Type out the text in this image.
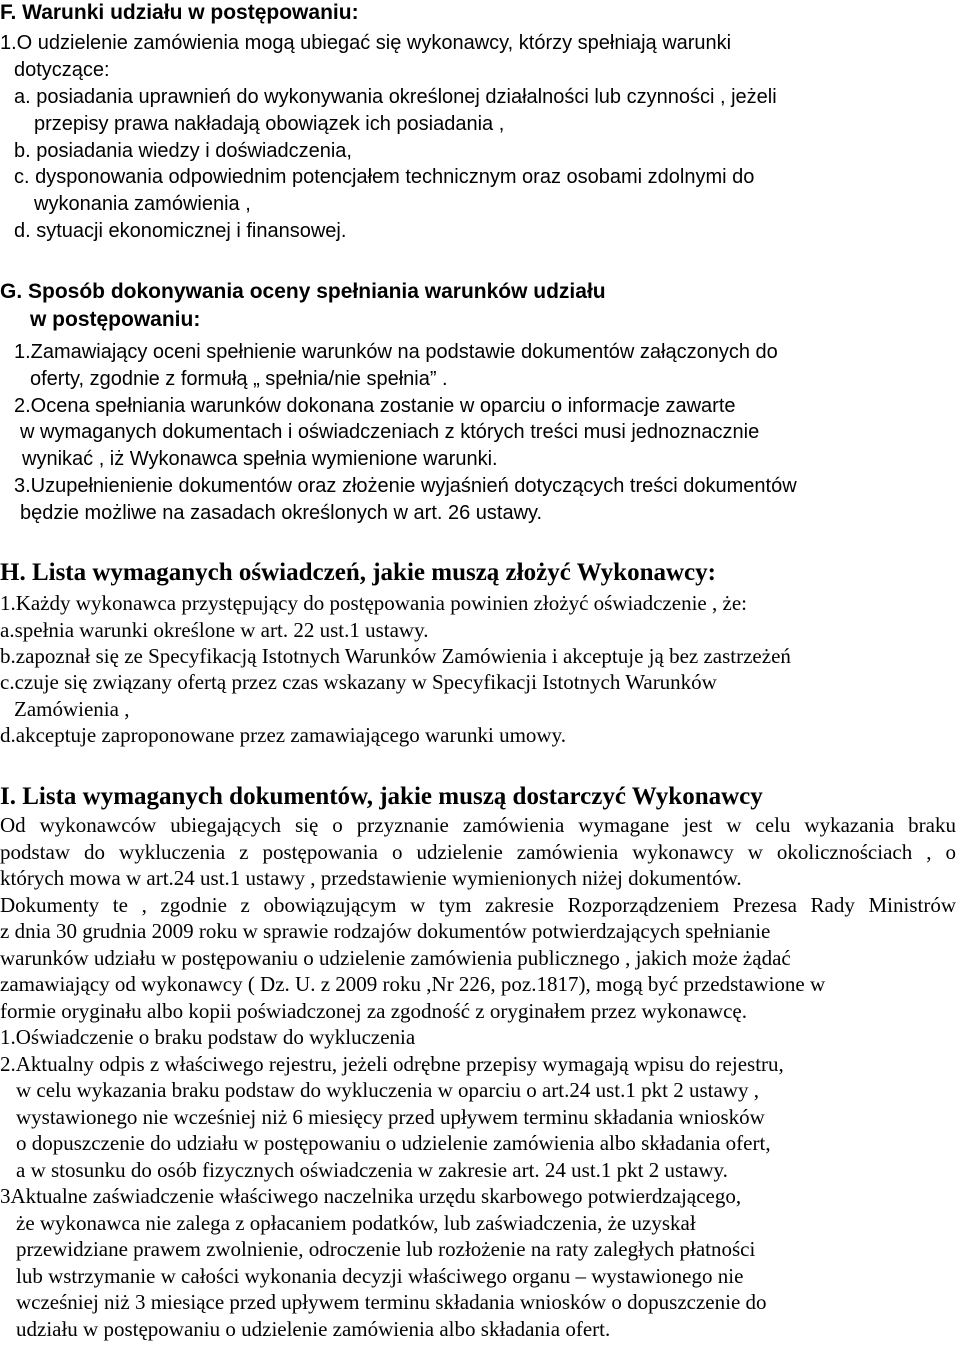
F. Warunki udziału w postępowaniu:
1.O udzielenie zamówienia mogą ubiegać się wykonawcy, którzy spełniają warunki
dotyczące:
a. posiadania uprawnień do wykonywania określonej działalności lub czynności , jeżeli
przepisy prawa nakładają obowiązek ich posiadania ,
b. posiadania wiedzy i doświadczenia,
c. dysponowania odpowiednim potencjałem technicznym oraz osobami zdolnymi do
wykonania zamówienia ,
d. sytuacji ekonomicznej i finansowej.
G. Sposób dokonywania oceny spełniania warunków udziału
w postępowaniu:
1.Zamawiający oceni spełnienie warunków na podstawie dokumentów załączonych do
oferty, zgodnie z formułą „ spełnia/nie spełnia” .
2.Ocena spełniania warunków dokonana zostanie w oparciu o informacje zawarte
w wymaganych dokumentach i oświadczeniach z których treści musi jednoznacznie
wynikać , iż Wykonawca spełnia wymienione warunki.
3.Uzupełnienienie dokumentów oraz złożenie wyjaśnień dotyczących treści dokumentów
będzie możliwe na zasadach określonych w art. 26 ustawy.
H. Lista wymaganych oświadczeń, jakie muszą złożyć Wykonawcy:
1.Każdy wykonawca przystępujący do postępowania powinien złożyć oświadczenie , że:
a.spełnia warunki określone w art. 22 ust.1 ustawy.
b.zapoznał się ze Specyfikacją Istotnych Warunków Zamówienia i akceptuje ją bez zastrzeżeń
c.czuje się związany ofertą przez czas wskazany w Specyfikacji Istotnych Warunków
Zamówienia ,
d.akceptuje zaproponowane przez zamawiającego warunki umowy.
I. Lista wymaganych dokumentów, jakie muszą dostarczyć Wykonawcy
Od wykonawców ubiegających się o przyznanie zamówienia wymagane jest w celu wykazania braku
podstaw do wykluczenia z postępowania o udzielenie zamówienia wykonawcy w okolicznościach , o
których mowa w art.24 ust.1 ustawy , przedstawienie wymienionych niżej dokumentów.
Dokumenty te , zgodnie z obowiązującym w tym zakresie Rozporządzeniem Prezesa Rady Ministrów
z dnia 30 grudnia 2009 roku w sprawie rodzajów dokumentów potwierdzających spełnianie
warunków udziału w postępowaniu o udzielenie zamówienia publicznego , jakich może żądać
zamawiający od wykonawcy ( Dz. U. z 2009 roku ,Nr 226, poz.1817), mogą być przedstawione w
formie oryginału albo kopii poświadczonej za zgodność z oryginałem przez wykonawcę.
1.Oświadczenie o braku podstaw do wykluczenia
2.Aktualny odpis z właściwego rejestru, jeżeli odrębne przepisy wymagają wpisu do rejestru,
w celu wykazania braku podstaw do wykluczenia w oparciu o art.24 ust.1 pkt 2 ustawy ,
wystawionego nie wcześniej niż 6 miesięcy przed upływem terminu składania wniosków
o dopuszczenie do udziału w postępowaniu o udzielenie zamówienia albo składania ofert,
a w stosunku do osób fizycznych oświadczenia w zakresie art. 24 ust.1 pkt 2 ustawy.
3Aktualne zaświadczenie właściwego naczelnika urzędu skarbowego potwierdzającego,
że wykonawca nie zalega z opłacaniem podatków, lub zaświadczenia, że uzyskał
przewidziane prawem zwolnienie, odroczenie lub rozłożenie na raty zaległych płatności
lub wstrzymanie w całości wykonania decyzji właściwego organu – wystawionego nie
wcześniej niż 3 miesiące przed upływem terminu składania wniosków o dopuszczenie do
udziału w postępowaniu o udzielenie zamówienia albo składania ofert.
